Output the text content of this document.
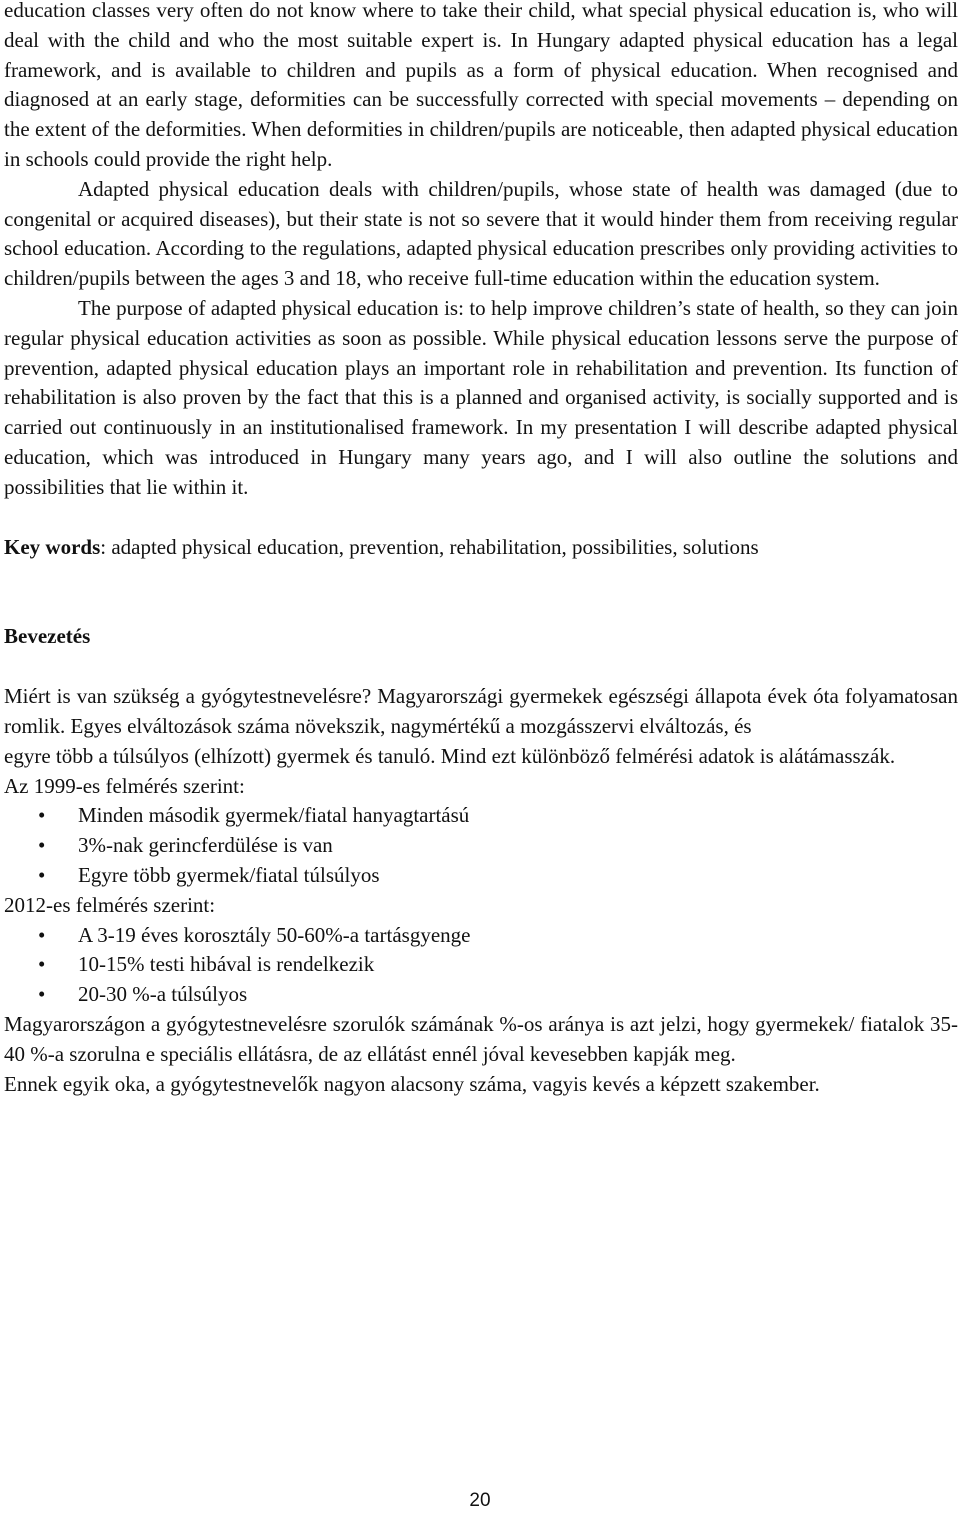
education classes very often do not know where to take their child, what special physical education is, who will deal with the child and who the most suitable expert is. In Hungary adapted physical education has a legal framework, and is available to children and pupils as a form of physical education. When recognised and diagnosed at an early stage, deformities can be successfully corrected with special movements – depending on the extent of the deformities. When deformities in children/pupils are noticeable, then adapted physical education in schools could provide the right help.

Adapted physical education deals with children/pupils, whose state of health was damaged (due to congenital or acquired diseases), but their state is not so severe that it would hinder them from receiving regular school education. According to the regulations, adapted physical education prescribes only providing activities to children/pupils between the ages 3 and 18, who receive full-time education within the education system.

The purpose of adapted physical education is: to help improve children’s state of health, so they can join regular physical education activities as soon as possible. While physical education lessons serve the purpose of prevention, adapted physical education plays an important role in rehabilitation and prevention. Its function of rehabilitation is also proven by the fact that this is a planned and organised activity, is socially supported and is carried out continuously in an institutionalised framework. In my presentation I will describe adapted physical education, which was introduced in Hungary many years ago, and I will also outline the solutions and possibilities that lie within it.

Key words: adapted physical education, prevention, rehabilitation, possibilities, solutions

Bevezetés

Miért is van szükség a gyógytestnevelésre? Magyarországi gyermekek egészségi állapota évek óta folyamatosan romlik. Egyes elváltozások száma növekszik, nagymértékű a mozgásszervi elváltozás, és

egyre több a túlsúlyos (elhízott) gyermek és tanuló. Mind ezt különböző felmérési adatok is alátámasszák.

Az 1999-es felmérés szerint:

• Minden második gyermek/fiatal hanyagtartású
• 3%-nak gerincferdülése is van
• Egyre több gyermek/fiatal túlsúlyos

2012-es felmérés szerint:

• A 3-19 éves korosztály 50-60%-a tartásgyenge
• 10-15% testi hibával is rendelkezik
• 20-30 %-a túlsúlyos

Magyarországon a gyógytestnevelésre szorulók számának %-os aránya is azt jelzi, hogy gyermekek/ fiatalok 35-40 %-a szorulna e speciális ellátásra, de az ellátást ennél jóval kevesebben kapják meg.

Ennek egyik oka, a gyógytestnevelők nagyon alacsony száma, vagyis kevés a képzett szakember.

20
